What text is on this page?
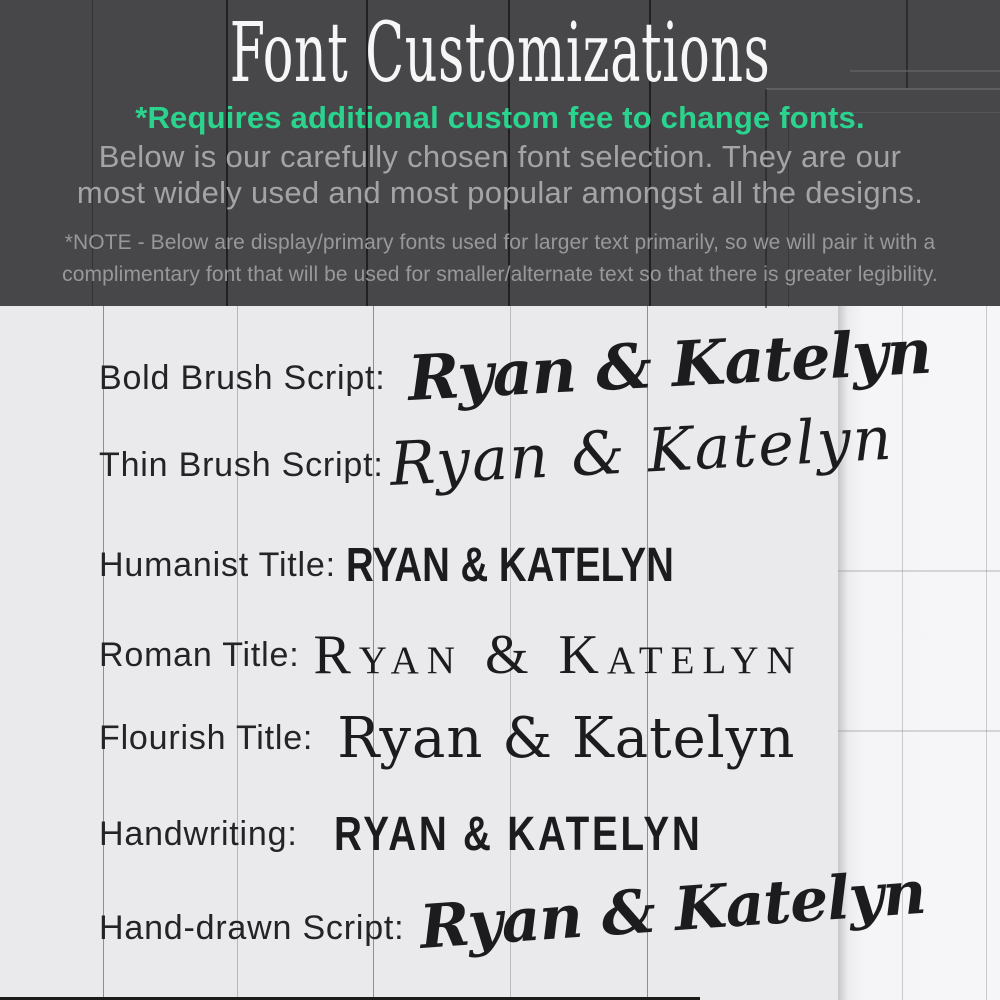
Font Customizations
*Requires additional custom fee to change fonts.
Below is our carefully chosen font selection. They are our
most widely used and most popular amongst all the designs.
*NOTE - Below are display/primary fonts used for larger text primarily, so we will pair it with a
complimentary font that will be used for smaller/alternate text so that there is greater legibility.
Bold Brush Script: Ryan & Katelyn
Thin Brush Script: Ryan & Katelyn
Humanist Title: RYAN & KATELYN
Roman Title: Ryan & Katelyn
Flourish Title: Ryan & Katelyn
Handwriting: RYAN & KATELYN
Hand-drawn Script: Ryan & Katelyn
